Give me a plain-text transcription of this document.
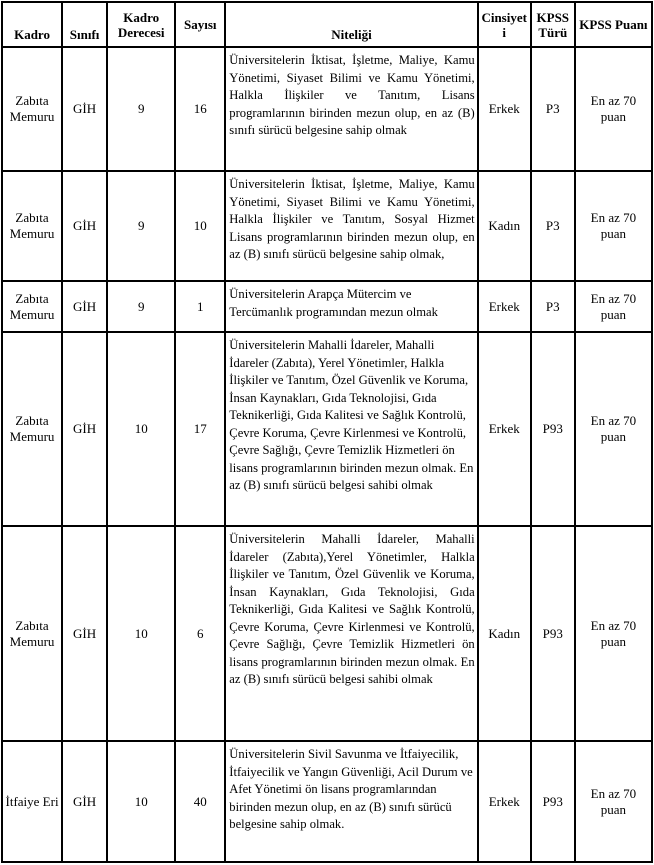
Kadro	Sınıfı	Kadro Derecesi	Sayısı	Niteliği	Cinsiyeti	KPSS Türü	KPSS Puanı
Zabıta Memuru	GİH	9	16	Üniversitelerin İktisat, İşletme, Maliye, Kamu Yönetimi, Siyaset Bilimi ve Kamu Yönetimi, Halkla İlişkiler ve Tanıtım, Lisans programlarının birinden mezun olup, en az (B) sınıfı sürücü belgesine sahip olmak	Erkek	P3	En az 70 puan
Zabıta Memuru	GİH	9	10	Üniversitelerin İktisat, İşletme, Maliye, Kamu Yönetimi, Siyaset Bilimi ve Kamu Yönetimi, Halkla İlişkiler ve Tanıtım, Sosyal Hizmet Lisans programlarının birinden mezun olup, en az (B) sınıfı sürücü belgesine sahip olmak,	Kadın	P3	En az 70 puan
Zabıta Memuru	GİH	9	1	Üniversitelerin Arapça Mütercim ve Tercümanlık programından mezun olmak	Erkek	P3	En az 70 puan
Zabıta Memuru	GİH	10	17	Üniversitelerin Mahalli İdareler, Mahalli İdareler (Zabıta), Yerel Yönetimler, Halkla İlişkiler ve Tanıtım, Özel Güvenlik ve Koruma, İnsan Kaynakları, Gıda Teknolojisi, Gıda Teknikerliği, Gıda Kalitesi ve Sağlık Kontrolü, Çevre Koruma, Çevre Kirlenmesi ve Kontrolü, Çevre Sağlığı, Çevre Temizlik Hizmetleri ön lisans programlarının birinden mezun olmak. En az (B) sınıfı sürücü belgesi sahibi olmak	Erkek	P93	En az 70 puan
Zabıta Memuru	GİH	10	6	Üniversitelerin Mahalli İdareler, Mahalli İdareler (Zabıta),Yerel Yönetimler, Halkla İlişkiler ve Tanıtım, Özel Güvenlik ve Koruma, İnsan Kaynakları, Gıda Teknolojisi, Gıda Teknikerliği, Gıda Kalitesi ve Sağlık Kontrolü, Çevre Koruma, Çevre Kirlenmesi ve Kontrolü, Çevre Sağlığı, Çevre Temizlik Hizmetleri ön lisans programlarının birinden mezun olmak. En az (B) sınıfı sürücü belgesi sahibi olmak	Kadın	P93	En az 70 puan
İtfaiye Eri	GİH	10	40	Üniversitelerin Sivil Savunma ve İtfaiyecilik, İtfaiyecilik ve Yangın Güvenliği, Acil Durum ve Afet Yönetimi ön lisans programlarından birinden mezun olup, en az (B) sınıfı sürücü belgesine sahip olmak.	Erkek	P93	En az 70 puan
